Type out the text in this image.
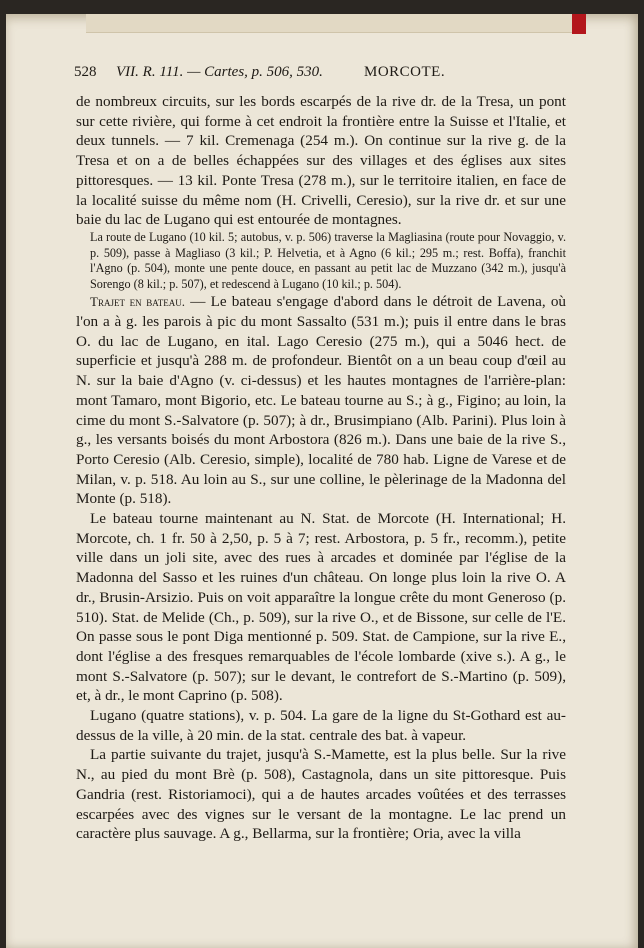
528 VII. R. 111. — Cartes, p. 506, 530.	MORCOTE.

de nombreux circuits, sur les bords escarpés de la rive dr. de la Tresa, un pont sur cette rivière, qui forme à cet endroit la frontière entre la Suisse et l'Italie, et deux tunnels. — 7 kil. Cremenaga (254 m.). On continue sur la rive g. de la Tresa et on a de belles échappées sur des villages et des églises aux sites pittoresques. — 13 kil. Ponte Tresa (278 m.), sur le territoire italien, en face de la localité suisse du même nom (H. Crivelli, Ceresio), sur la rive dr. et sur une baie du lac de Lugano qui est entourée de montagnes.

La route de Lugano (10 kil. 5; autobus, v. p. 506) traverse la Magliasina (route pour Novaggio, v. p. 509), passe à Magliaso (3 kil.; P. Helvetia, et à Agno (6 kil.; 295 m.; rest. Boffa), franchit l'Agno (p. 504), monte une pente douce, en passant au petit lac de Muzzano (342 m.), jusqu'à Sorengo (8 kil.; p. 507), et redescend à Lugano (10 kil.; p. 504).

Trajet en bateau. — Le bateau s'engage d'abord dans le détroit de Lavena, où l'on a à g. les parois à pic du mont Sassalto (531 m.); puis il entre dans le bras O. du lac de Lugano, en ital. Lago Ceresio (275 m.), qui a 5046 hect. de superficie et jusqu'à 288 m. de profondeur. Bientôt on a un beau coup d'œil au N. sur la baie d'Agno (v. ci-dessus) et les hautes montagnes de l'arrière-plan: mont Tamaro, mont Bigorio, etc. Le bateau tourne au S.; à g., Figino; au loin, la cime du mont S.-Salvatore (p. 507); à dr., Brusimpiano (Alb. Parini). Plus loin à g., les versants boisés du mont Arbostora (826 m.). Dans une baie de la rive S., Porto Ceresio (Alb. Ceresio, simple), localité de 780 hab. Ligne de Varese et de Milan, v. p. 518. Au loin au S., sur une colline, le pèlerinage de la Madonna del Monte (p. 518).

Le bateau tourne maintenant au N. Stat. de Morcote (H. International; H. Morcote, ch. 1 fr. 50 à 2,50, p. 5 à 7; rest. Arbostora, p. 5 fr., recomm.), petite ville dans un joli site, avec des rues à arcades et dominée par l'église de la Madonna del Sasso et les ruines d'un château. On longe plus loin la rive O. A dr., Brusin-Arsizio. Puis on voit apparaître la longue crête du mont Generoso (p. 510). Stat. de Melide (Ch., p. 509), sur la rive O., et de Bissone, sur celle de l'E. On passe sous le pont Diga mentionné p. 509. Stat. de Campione, sur la rive E., dont l'église a des fresques remarquables de l'école lombarde (xive s.). A g., le mont S.-Salvatore (p. 507); sur le devant, le contrefort de S.-Martino (p. 509), et, à dr., le mont Caprino (p. 508).

Lugano (quatre stations), v. p. 504. La gare de la ligne du St-Gothard est au-dessus de la ville, à 20 min. de la stat. centrale des bat. à vapeur.

La partie suivante du trajet, jusqu'à S.-Mamette, est la plus belle. Sur la rive N., au pied du mont Brè (p. 508), Castagnola, dans un site pittoresque. Puis Gandria (rest. Ristoriamoci), qui a de hautes arcades voûtées et des terrasses escarpées avec des vignes sur le versant de la montagne. Le lac prend un caractère plus sauvage. A g., Bellarma, sur la frontière; Oria, avec la villa
